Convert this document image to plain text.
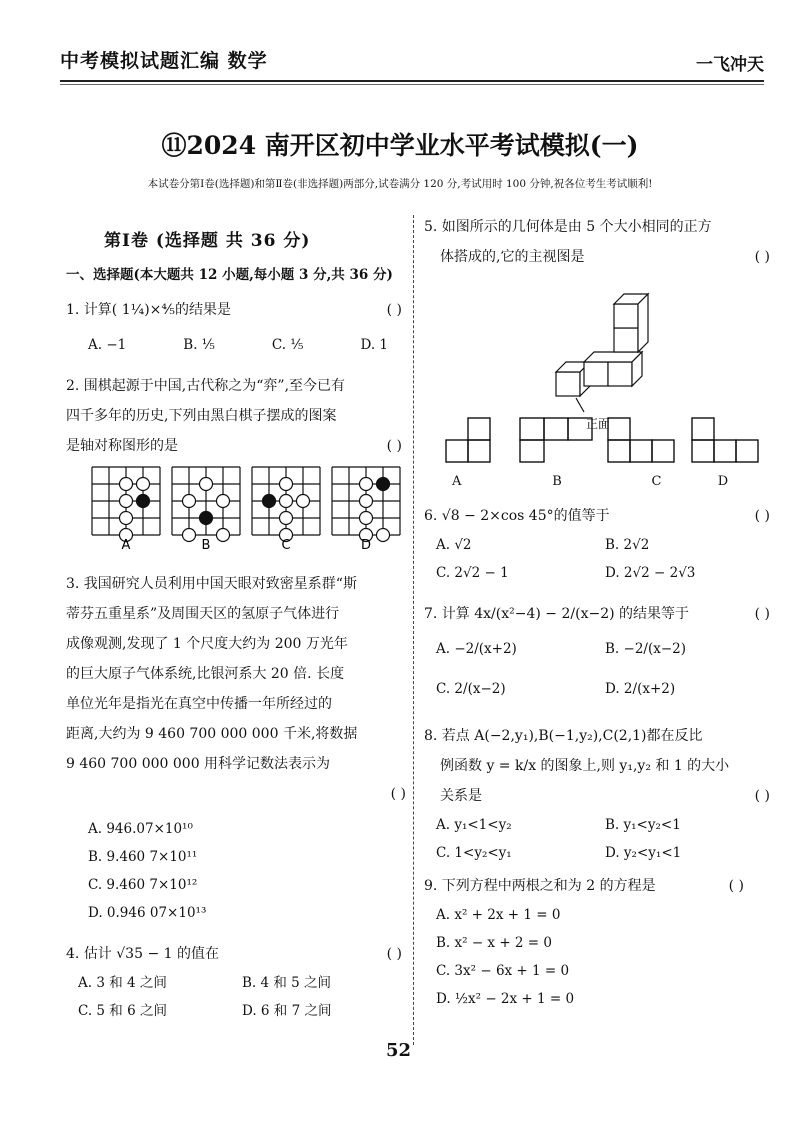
中考模拟试题汇编 数学	一飞冲天
⑪2024 南开区初中学业水平考试模拟(一)
本试卷分第Ⅰ卷(选择题)和第Ⅱ卷(非选择题)两部分,试卷满分 120 分,考试用时 100 分钟,祝各位考生考试顺利!
第Ⅰ卷 (选择题 共 36 分)
一、选择题(本大题共 12 小题,每小题 3 分,共 36 分)
( )
1. 计算( 1¼)×⅘的结果是
A. −1	B. ⅕	C. ⅕	D. 1
2. 围棋起源于中国,古代称之为“弈”,至今已有
四千多年的历史,下列由黑白棋子摆成的图案
( )
是轴对称图形的是
A	B	C	D
3. 我国研究人员利用中国天眼对致密星系群“斯
蒂芬五重星系”及周围天区的氢原子气体进行
成像观测,发现了 1 个尺度大约为 200 万光年
的巨大原子气体系统,比银河系大 20 倍. 长度
单位光年是指光在真空中传播一年所经过的
距离,大约为 9 460 700 000 000 千米,将数据
9 460 700 000 000 用科学记数法表示为
( )
A. 946.07×10¹⁰
B. 9.460 7×10¹¹
C. 9.460 7×10¹²
D. 0.946 07×10¹³
( )
4. 估计 √35 − 1 的值在
A. 3 和 4 之间	B. 4 和 5 之间
C. 5 和 6 之间	D. 6 和 7 之间
5. 如图所示的几何体是由 5 个大小相同的正方
( )
体搭成的,它的主视图是
正面
A	B	C	D
( )
6. √8 − 2×cos 45°的值等于
A. √2	B. 2√2
C. 2√2 − 1	D. 2√2 − 2√3
( )
7. 计算 4x/(x²−4) − 2/(x−2) 的结果等于
A. −2/(x+2)	B. −2/(x−2)
C. 2/(x−2)	D. 2/(x+2)
8. 若点 A(−2,y₁),B(−1,y₂),C(2,1)都在反比
例函数 y = k/x 的图象上,则 y₁,y₂ 和 1 的大小
( )
关系是
A. y₁<1<y₂	B. y₁<y₂<1
C. 1<y₂<y₁	D. y₂<y₁<1
( )
9. 下列方程中两根之和为 2 的方程是
A. x² + 2x + 1 = 0
B. x² − x + 2 = 0
C. 3x² − 6x + 1 = 0
D. ½x² − 2x + 1 = 0
52
